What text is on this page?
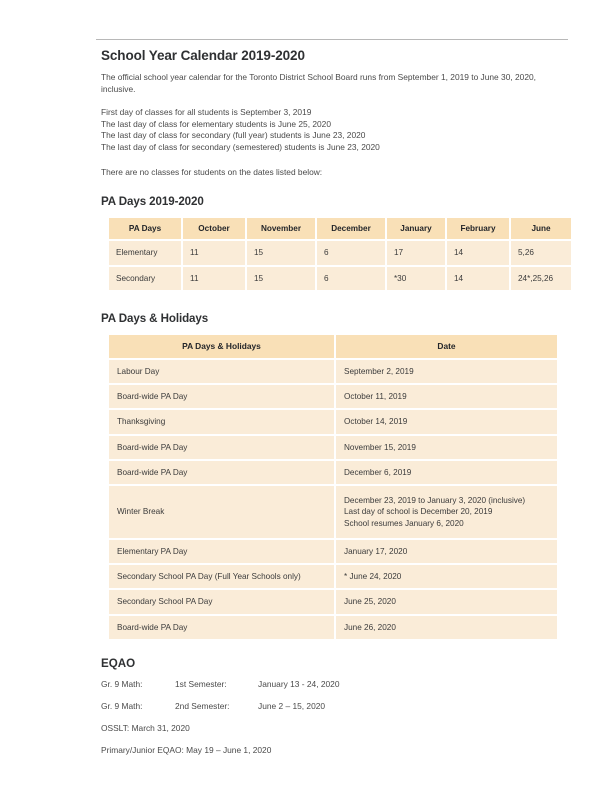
School Year Calendar 2019-2020

The official school year calendar for the Toronto District School Board runs from September 1, 2019 to June 30, 2020, inclusive.

First day of classes for all students is September 3, 2019
The last day of class for elementary students is June 25, 2020
The last day of class for secondary (full year) students is June 23, 2020
The last day of class for secondary (semestered) students is June 23, 2020

There are no classes for students on the dates listed below:

PA Days 2019-2020
PA Days	October	November	December	January	February	June
Elementary	11	15	6	17	14	5,26
Secondary	11	15	6	*30	14	24*,25,26
PA Days & Holidays
PA Days & Holidays	Date
Labour Day	September 2, 2019
Board-wide PA Day	October 11, 2019
Thanksgiving	October 14, 2019
Board-wide PA Day	November 15, 2019
Board-wide PA Day	December 6, 2019
Winter Break	December 23, 2019 to January 3, 2020 (inclusive)
Last day of school is December 20, 2019
School resumes January 6, 2020

Elementary PA Day	January 17, 2020
Secondary School PA Day (Full Year Schools only)	* June 24, 2020
Secondary School PA Day	June 25, 2020
Board-wide PA Day	June 26, 2020
EQAO
Gr. 9 Math:	1st Semester:	January 13 - 24, 2020
Gr. 9 Math:	2nd Semester:	June 2 – 15, 2020
OSSLT: March 31, 2020
Primary/Junior EQAO: May 19 – June 1, 2020
